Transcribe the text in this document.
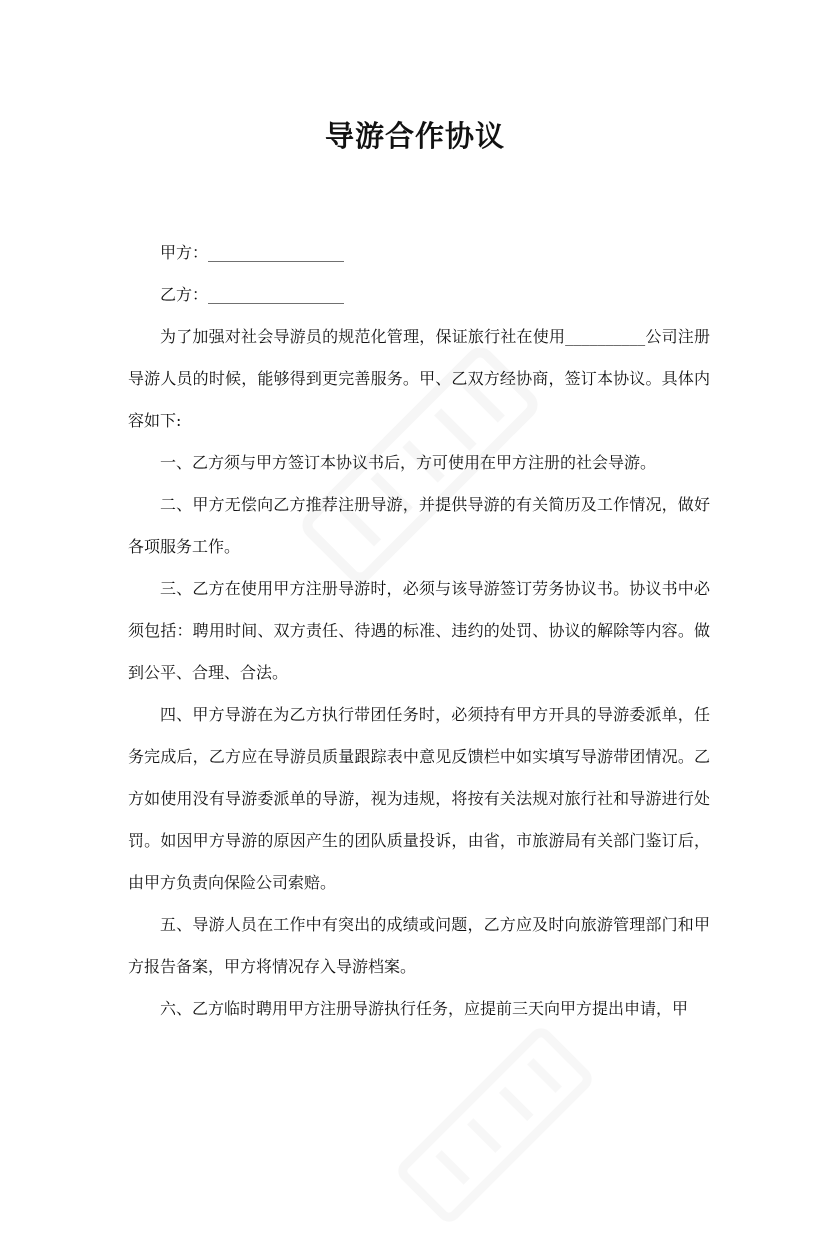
导游合作协议

甲方：_________________

乙方：_________________

为了加强对社会导游员的规范化管理，保证旅行社在使用__________公司注册导游人员的时候，能够得到更完善服务。甲、乙双方经协商，签订本协议。具体内容如下:

一、乙方须与甲方签订本协议书后，方可使用在甲方注册的社会导游。

二、甲方无偿向乙方推荐注册导游，并提供导游的有关简历及工作情况，做好各项服务工作。

三、乙方在使用甲方注册导游时，必须与该导游签订劳务协议书。协议书中必须包括：聘用时间、双方责任、待遇的标准、违约的处罚、协议的解除等内容。做到公平、合理、合法。

四、甲方导游在为乙方执行带团任务时，必须持有甲方开具的导游委派单，任务完成后，乙方应在导游员质量跟踪表中意见反馈栏中如实填写导游带团情况。乙方如使用没有导游委派单的导游，视为违规，将按有关法规对旅行社和导游进行处罚。如因甲方导游的原因产生的团队质量投诉，由省，市旅游局有关部门鉴订后，由甲方负责向保险公司索赔。

五、导游人员在工作中有突出的成绩或问题，乙方应及时向旅游管理部门和甲方报告备案，甲方将情况存入导游档案。

六、乙方临时聘用甲方注册导游执行任务，应提前三天向甲方提出申请，甲
